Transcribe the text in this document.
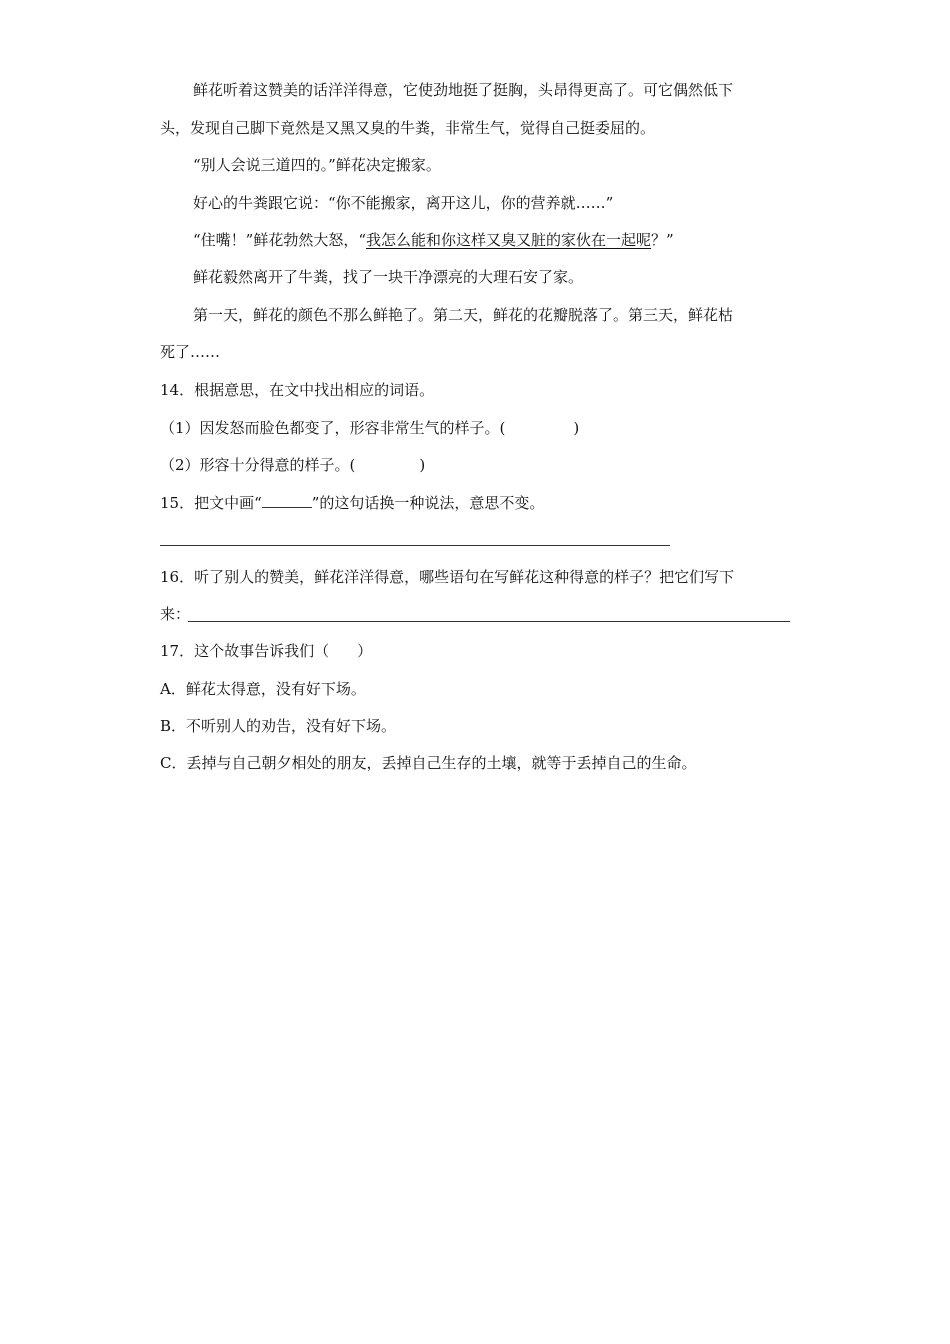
鲜花听着这赞美的话洋洋得意，它使劲地挺了挺胸，头昂得更高了。可它偶然低下
头，发现自己脚下竟然是又黑又臭的牛粪，非常生气，觉得自己挺委屈的。
“别人会说三道四的。”鲜花决定搬家。
好心的牛粪跟它说：“你不能搬家，离开这儿，你的营养就……”
“住嘴！”鲜花勃然大怒，“我怎么能和你这样又臭又脏的家伙在一起呢？”
鲜花毅然离开了牛粪，找了一块干净漂亮的大理石安了家。
第一天，鲜花的颜色不那么鲜艳了。第二天，鲜花的花瓣脱落了。第三天，鲜花枯
死了……
14．根据意思，在文中找出相应的词语。
（1）因发怒而脸色都变了，形容非常生气的样子。(	)
（2）形容十分得意的样子。(	)
15．把文中画“	”的这句话换一种说法，意思不变。
16．听了别人的赞美，鲜花洋洋得意，哪些语句在写鲜花这种得意的样子？把它们写下
来：
17．这个故事告诉我们（ ）
A．鲜花太得意，没有好下场。
B．不听别人的劝告，没有好下场。
C．丢掉与自己朝夕相处的朋友，丢掉自己生存的土壤，就等于丢掉自己的生命。
